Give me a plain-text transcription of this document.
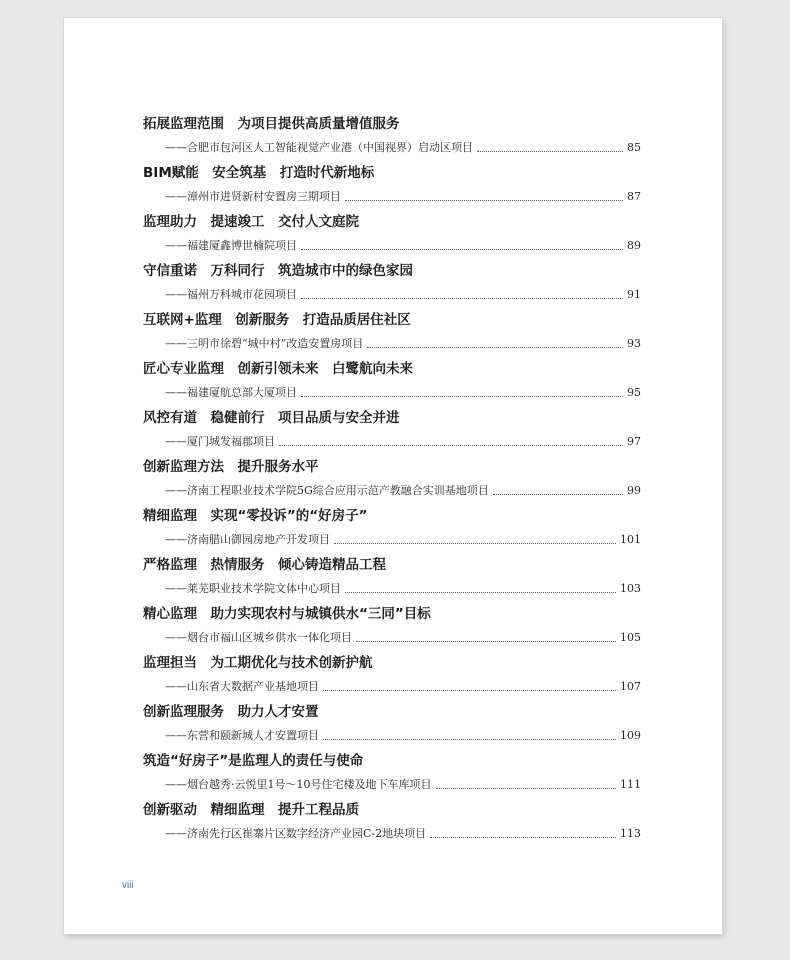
拓展监理范围　为项目提供高质量增值服务
——合肥市包河区人工智能视觉产业港（中国视界）启动区项目	85
BIM赋能　安全筑基　打造时代新地标
——漳州市进贤新村安置房三期项目	87
监理助力　提速竣工　交付人文庭院
——福建厦鑫博世楠院项目	89
守信重诺　万科同行　筑造城市中的绿色家园
——福州万科城市花园项目	91
互联网+监理　创新服务　打造品质居住社区
——三明市徐碧“城中村”改造安置房项目	93
匠心专业监理　创新引领未来　白鹭航向未来
——福建厦航总部大厦项目	95
风控有道　稳健前行　项目品质与安全并进
——厦门城发福郡项目	97
创新监理方法　提升服务水平
——济南工程职业技术学院5G综合应用示范产教融合实训基地项目	99
精细监理　实现“零投诉”的“好房子”
——济南腊山御园房地产开发项目	101
严格监理　热情服务　倾心铸造精品工程
——莱芜职业技术学院文体中心项目	103
精心监理　助力实现农村与城镇供水“三同”目标
——烟台市福山区城乡供水一体化项目	105
监理担当　为工期优化与技术创新护航
——山东省大数据产业基地项目	107
创新监理服务　助力人才安置
——东营和颐新城人才安置项目	109
筑造“好房子”是监理人的责任与使命
——烟台越秀·云悦里1号～10号住宅楼及地下车库项目	111
创新驱动　精细监理　提升工程品质
——济南先行区崔寨片区数字经济产业园C-2地块项目	113
viii
